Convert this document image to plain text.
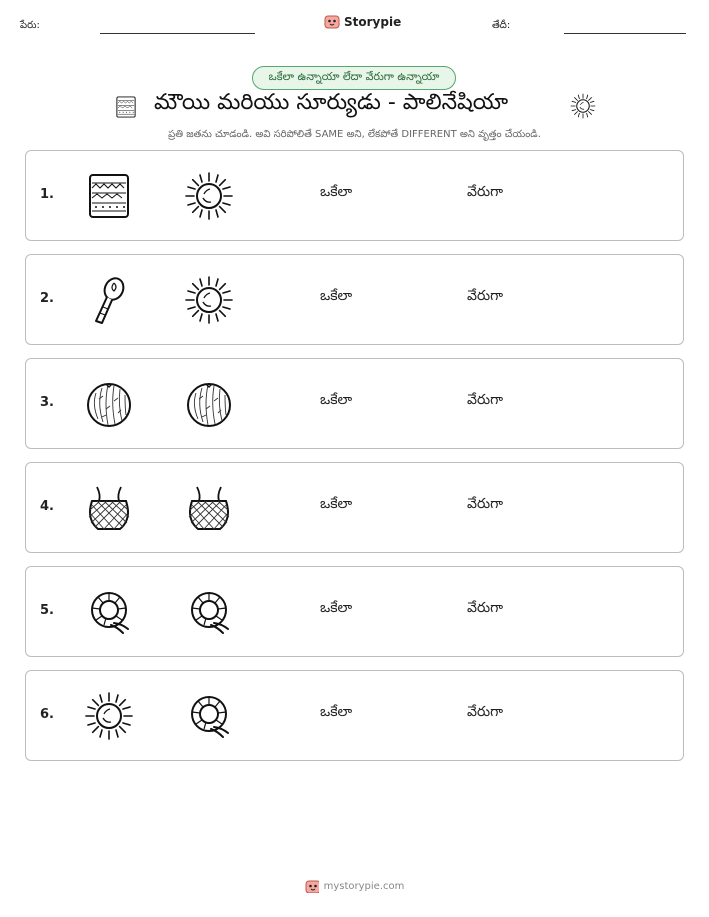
పేరు:	Storypie	తేదీ:
ఒకేలా ఉన్నాయా లేదా వేరుగా ఉన్నాయా
మౌయి మరియు సూర్యుడు - పాలినేషియా
ప్రతి జతను చూడండి. అవి సరిపోలితే SAME అని, లేకపోతే DIFFERENT అని వృత్తం చేయండి.
1.	ఒకేలా	వేరుగా
2.	ఒకేలా	వేరుగా
3.	ఒకేలా	వేరుగా
4.	ఒకేలా	వేరుగా
5.	ఒకేలా	వేరుగా
6.	ఒకేలా	వేరుగా
mystorypie.com
